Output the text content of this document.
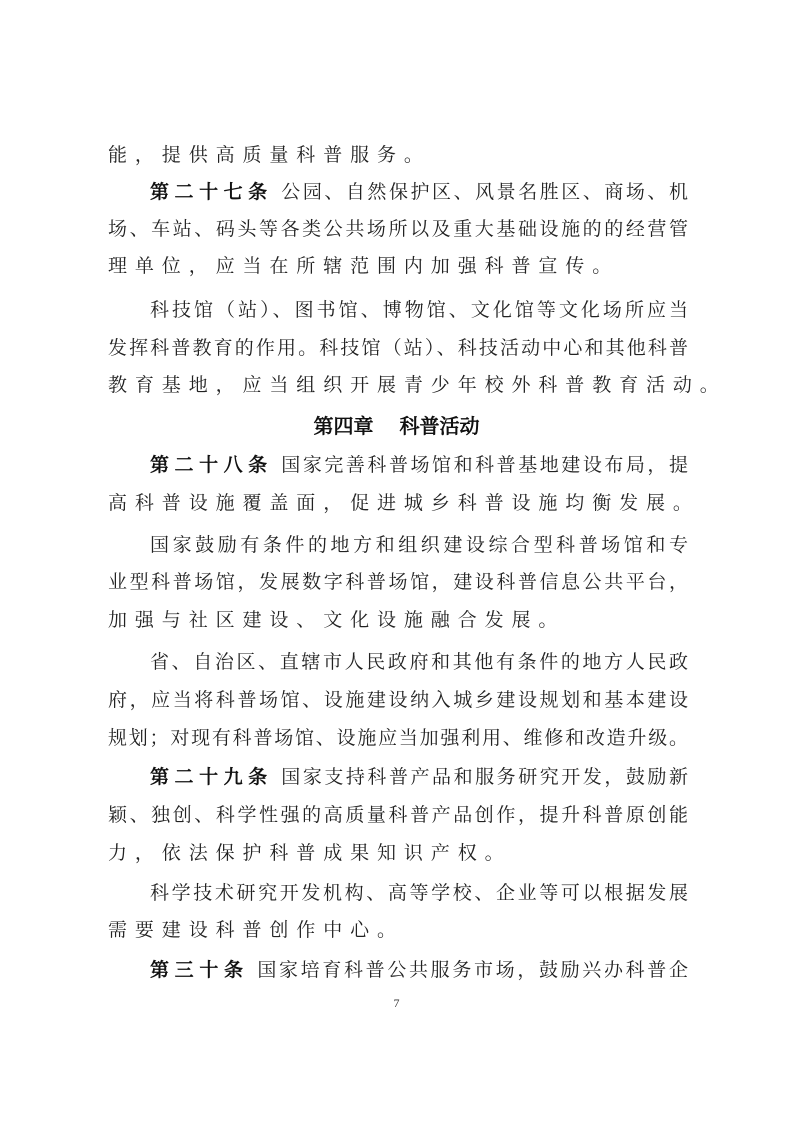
能，提供高质量科普服务。
第二十七条 公园、自然保护区、风景名胜区、商场、机
场、车站、码头等各类公共场所以及重大基础设施的的经营管
理单位，应当在所辖范围内加强科普宣传。
科技馆（站）、图书馆、博物馆、文化馆等文化场所应当
发挥科普教育的作用。科技馆（站）、科技活动中心和其他科普
教育基地，应当组织开展青少年校外科普教育活动。
第四章 科普活动
第二十八条 国家完善科普场馆和科普基地建设布局，提
高科普设施覆盖面，促进城乡科普设施均衡发展。
国家鼓励有条件的地方和组织建设综合型科普场馆和专
业型科普场馆，发展数字科普场馆，建设科普信息公共平台，
加强与社区建设、文化设施融合发展。
省、自治区、直辖市人民政府和其他有条件的地方人民政
府，应当将科普场馆、设施建设纳入城乡建设规划和基本建设
规划；对现有科普场馆、设施应当加强利用、维修和改造升级。
第二十九条 国家支持科普产品和服务研究开发，鼓励新
颖、独创、科学性强的高质量科普产品创作，提升科普原创能
力，依法保护科普成果知识产权。
科学技术研究开发机构、高等学校、企业等可以根据发展
需要建设科普创作中心。
第三十条 国家培育科普公共服务市场，鼓励兴办科普企
7
